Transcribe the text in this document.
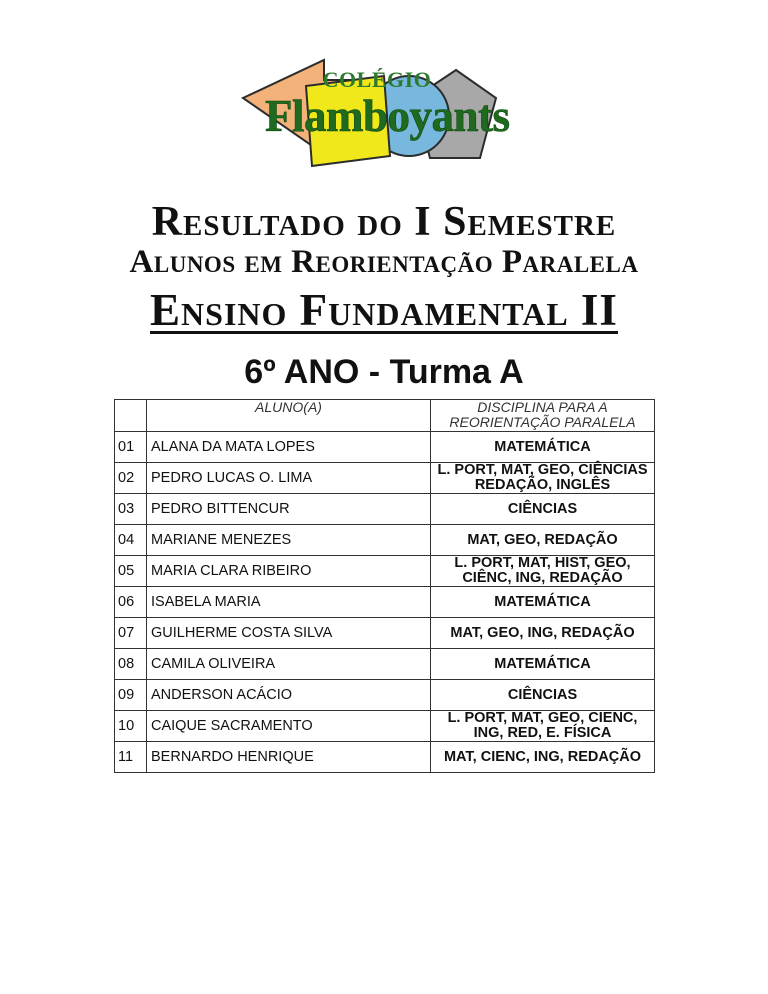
COLÉGIO
Flamboyants
Resultado do I Semestre
Alunos em Reorientação Paralela
Ensino Fundamental II
6º ANO - Turma A
	ALUNO(A)	DISCIPLINA PARA A REORIENTAÇÃO PARALELA
01	ALANA DA MATA LOPES	MATEMÁTICA
02	PEDRO LUCAS O. LIMA	L. PORT, MAT, GEO, CIÊNCIAS REDAÇÃO, INGLÊS
03	PEDRO BITTENCUR	CIÊNCIAS
04	MARIANE MENEZES	MAT, GEO, REDAÇÃO
05	MARIA CLARA RIBEIRO	L. PORT, MAT, HIST, GEO, CIÊNC, ING, REDAÇÃO
06	ISABELA MARIA	MATEMÁTICA
07	GUILHERME COSTA SILVA	MAT, GEO, ING, REDAÇÃO
08	CAMILA OLIVEIRA	MATEMÁTICA
09	ANDERSON ACÁCIO	CIÊNCIAS
10	CAIQUE SACRAMENTO	L. PORT, MAT, GEO, CIENC, ING, RED, E. FÍSICA
11	BERNARDO HENRIQUE	MAT, CIENC, ING, REDAÇÃO
